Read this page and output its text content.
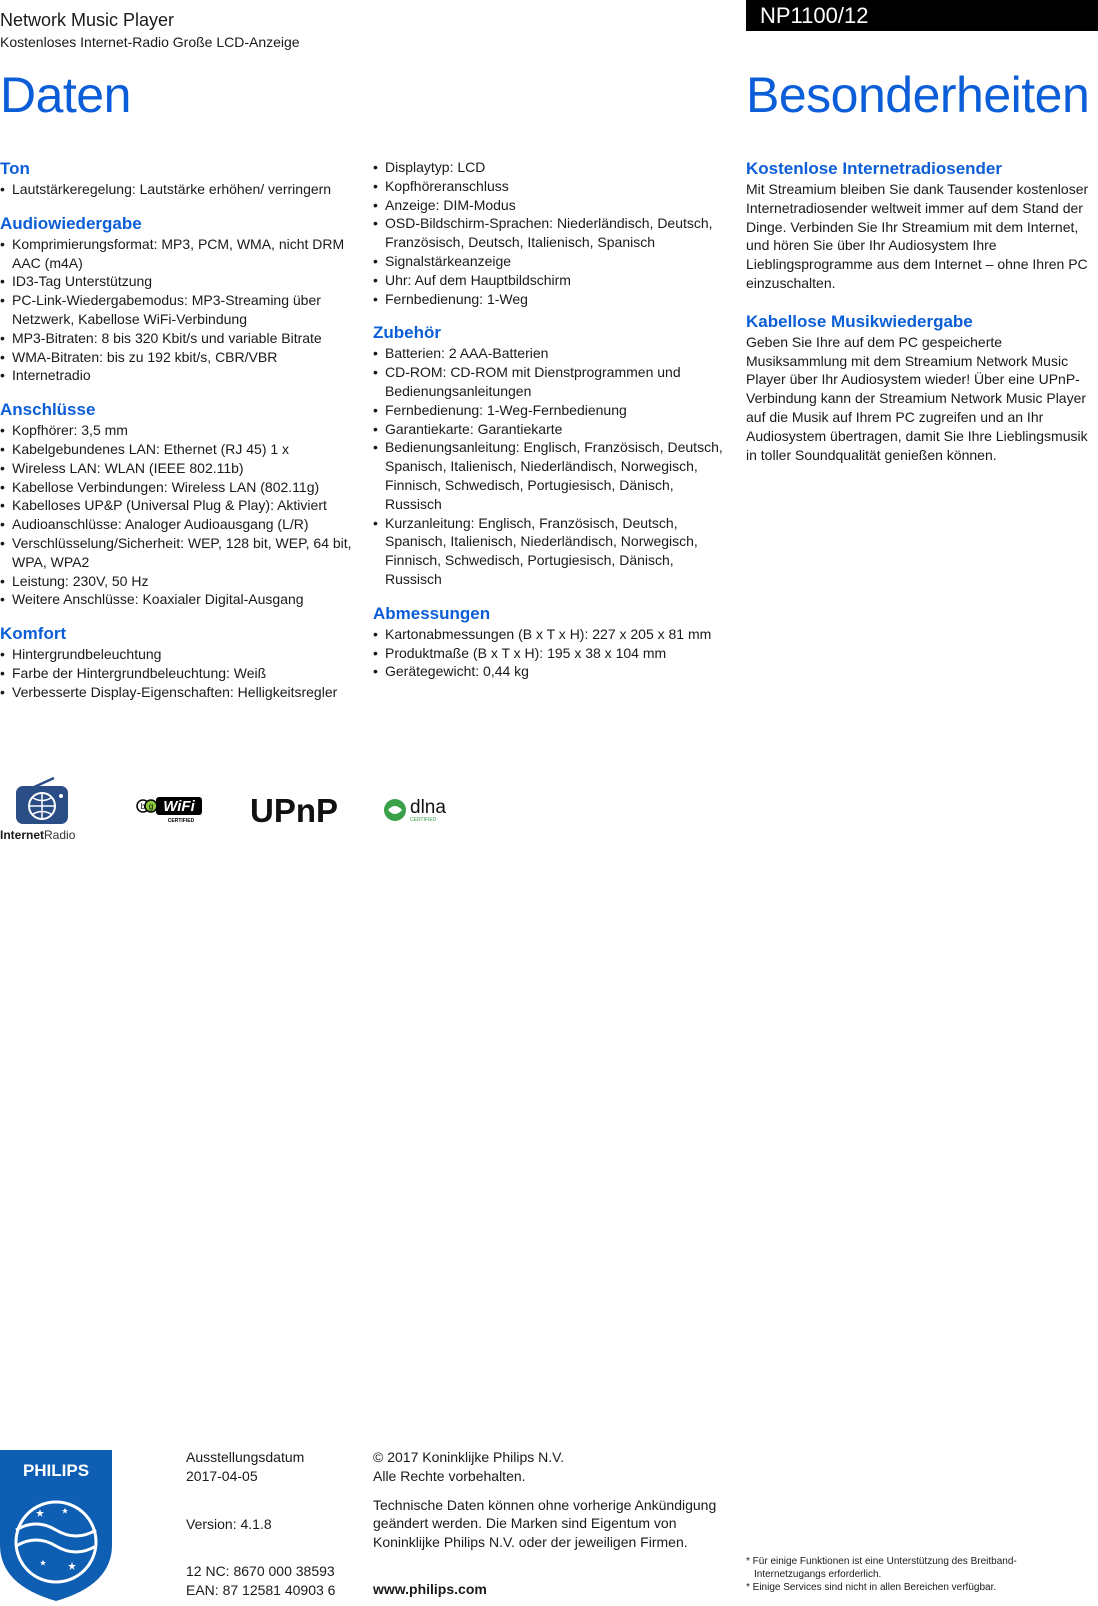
Network Music Player
Kostenloses Internet-Radio Große LCD-Anzeige
NP1100/12
Daten	Besonderheiten
Ton
• Lautstärkeregelung: Lautstärke erhöhen/ verringern
Audiowiedergabe
• Komprimierungsformat: MP3, PCM, WMA, nicht DRM AAC (m4A)
• ID3-Tag Unterstützung
• PC-Link-Wiedergabemodus: MP3-Streaming über Netzwerk, Kabellose WiFi-Verbindung
• MP3-Bitraten: 8 bis 320 Kbit/s und variable Bitrate
• WMA-Bitraten: bis zu 192 kbit/s, CBR/VBR
• Internetradio
Anschlüsse
• Kopfhörer: 3,5 mm
• Kabelgebundenes LAN: Ethernet (RJ 45) 1 x
• Wireless LAN: WLAN (IEEE 802.11b)
• Kabellose Verbindungen: Wireless LAN (802.11g)
• Kabelloses UP&P (Universal Plug & Play): Aktiviert
• Audioanschlüsse: Analoger Audioausgang (L/R)
• Verschlüsselung/Sicherheit: WEP, 128 bit, WEP, 64 bit, WPA, WPA2
• Leistung: 230V, 50 Hz
• Weitere Anschlüsse: Koaxialer Digital-Ausgang
Komfort
• Hintergrundbeleuchtung
• Farbe der Hintergrundbeleuchtung: Weiß
• Verbesserte Display-Eigenschaften: Helligkeitsregler
• Displaytyp: LCD
• Kopfhöreranschluss
• Anzeige: DIM-Modus
• OSD-Bildschirm-Sprachen: Niederländisch, Deutsch, Französisch, Deutsch, Italienisch, Spanisch
• Signalstärkeanzeige
• Uhr: Auf dem Hauptbildschirm
• Fernbedienung: 1-Weg
Zubehör
• Batterien: 2 AAA-Batterien
• CD-ROM: CD-ROM mit Dienstprogrammen und Bedienungsanleitungen
• Fernbedienung: 1-Weg-Fernbedienung
• Garantiekarte: Garantiekarte
• Bedienungsanleitung: Englisch, Französisch, Deutsch, Spanisch, Italienisch, Niederländisch, Norwegisch, Finnisch, Schwedisch, Portugiesisch, Dänisch, Russisch
• Kurzanleitung: Englisch, Französisch, Deutsch, Spanisch, Italienisch, Niederländisch, Norwegisch, Finnisch, Schwedisch, Portugiesisch, Dänisch, Russisch
Abmessungen
• Kartonabmessungen (B x T x H): 227 x 205 x 81 mm
• Produktmaße (B x T x H): 195 x 38 x 104 mm
• Gerätegewicht: 0,44 kg
Kostenlose Internetradiosender
Mit Streamium bleiben Sie dank Tausender kostenloser Internetradiosender weltweit immer auf dem Stand der Dinge. Verbinden Sie Ihr Streamium mit dem Internet, und hören Sie über Ihr Audiosystem Ihre Lieblingsprogramme aus dem Internet – ohne Ihren PC einzuschalten.
Kabellose Musikwiedergabe
Geben Sie Ihre auf dem PC gespeicherte Musiksammlung mit dem Streamium Network Music Player über Ihr Audiosystem wieder! Über eine UPnP-Verbindung kann der Streamium Network Music Player auf die Musik auf Ihrem PC zugreifen und an Ihr Audiosystem übertragen, damit Sie Ihre Lieblingsmusik in toller Soundqualität genießen können.
InternetRadio
b g WiFi
CERTIFIED UPnP	dlna
CERTIFIED
PHILIPS
Ausstellungsdatum
2017-04-05
Version: 4.1.8
12 NC: 8670 000 38593
EAN: 87 12581 40903 6
© 2017 Koninklijke Philips N.V.
Alle Rechte vorbehalten.
Technische Daten können ohne vorherige Ankündigung geändert werden. Die Marken sind Eigentum von Koninklijke Philips N.V. oder der jeweiligen Firmen.
www.philips.com
* Für einige Funktionen ist eine Unterstützung des Breitband-Internetzugangs erforderlich.
* Einige Services sind nicht in allen Bereichen verfügbar.
